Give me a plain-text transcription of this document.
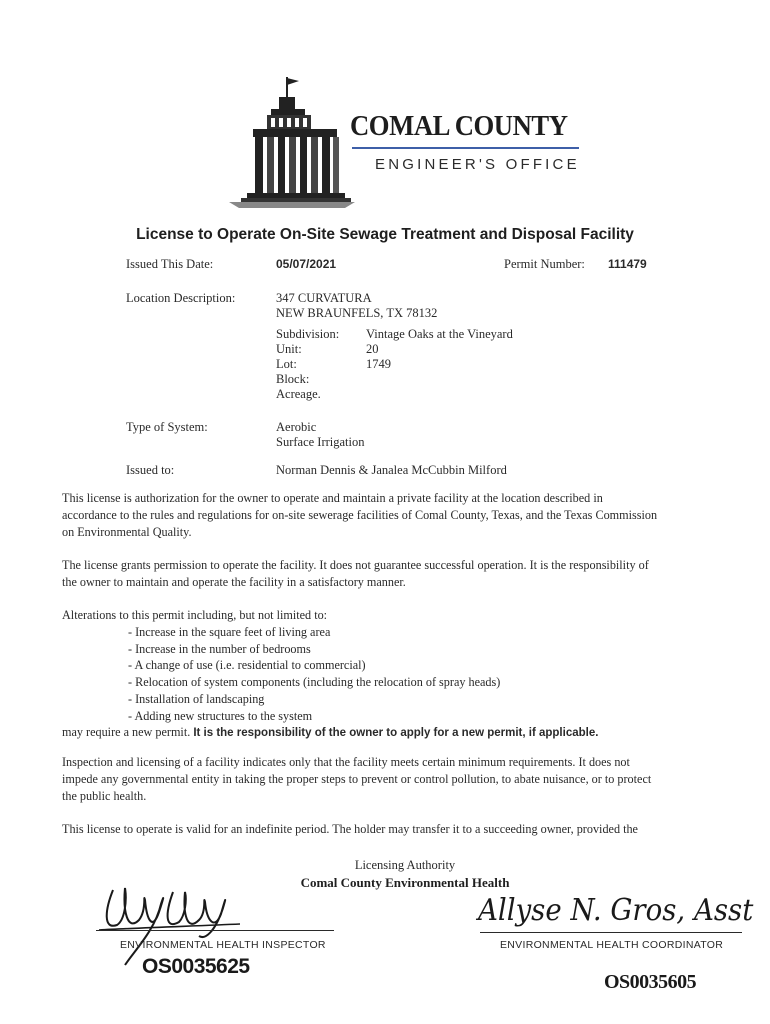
COMAL COUNTY
ENGINEER'S OFFICE
License to Operate On-Site Sewage Treatment and Disposal Facility
Issued This Date:	05/07/2021	Permit Number: 111479
Location Description:	347 CURVATURA
NEW BRAUNFELS, TX 78132
Subdivision: Vintage Oaks at the Vineyard
Unit:	20
Lot:	1749
Block:
Acreage.
Type of System:	Aerobic
Surface Irrigation
Issued to:	Norman Dennis & Janalea McCubbin Milford
This license is authorization for the owner to operate and maintain a private facility at the location described in accordance to the rules and regulations for on-site sewerage facilities of Comal County, Texas, and the Texas Commission on Environmental Quality.
The license grants permission to operate the facility. It does not guarantee successful operation. It is the responsibility of the owner to maintain and operate the facility in a satisfactory manner.
Alterations to this permit including, but not limited to:
- Increase in the square feet of living area
- Increase in the number of bedrooms
- A change of use (i.e. residential to commercial)
- Relocation of system components (including the relocation of spray heads)
- Installation of landscaping
- Adding new structures to the system
may require a new permit. It is the responsibility of the owner to apply for a new permit, if applicable.
Inspection and licensing of a facility indicates only that the facility meets certain minimum requirements. It does not impede any governmental entity in taking the proper steps to prevent or control pollution, to abate nuisance, or to protect the public health.
This license to operate is valid for an indefinite period. The holder may transfer it to a succeeding owner, provided the
Licensing Authority
Comal County Environmental Health
ENVIRONMENTAL HEALTH INSPECTOR
OS0035625
Allyse N. Gros, Asst
ENVIRONMENTAL HEALTH COORDINATOR
OS0035605
